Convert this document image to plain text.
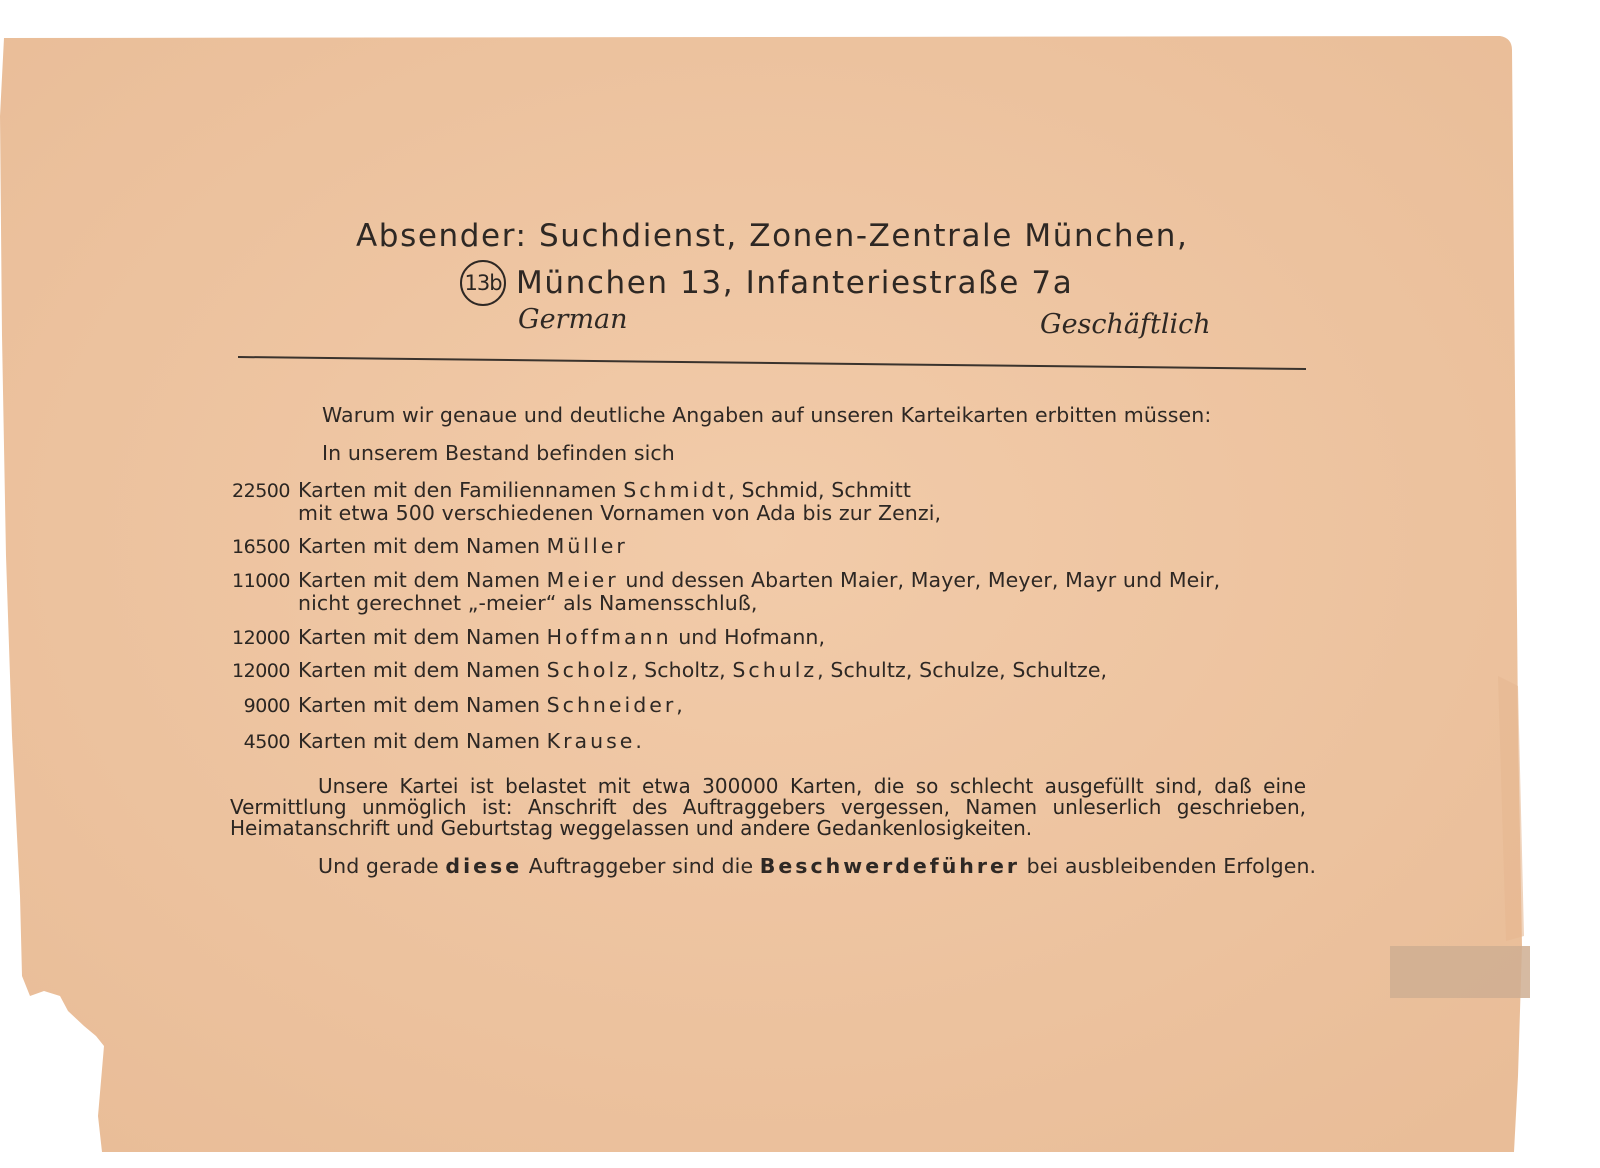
Absender: Suchdienst, Zonen-Zentrale München,
13b München 13, Infanteriestraße 7a
German	Geschäftlich
Warum wir genaue und deutliche Angaben auf unseren Karteikarten erbitten müssen:
In unserem Bestand befinden sich
22500 Karten mit den Familiennamen Schmidt, Schmid, Schmitt
mit etwa 500 verschiedenen Vornamen von Ada bis zur Zenzi,
16500 Karten mit dem Namen Müller
11000 Karten mit dem Namen Meier und dessen Abarten Maier, Mayer, Meyer, Mayr und Meir,
nicht gerechnet „-meier“ als Namensschluß,
12000 Karten mit dem Namen Hoffmann und Hofmann,
12000 Karten mit dem Namen Scholz, Scholtz, Schulz, Schultz, Schulze, Schultze,
9000 Karten mit dem Namen Schneider,
4500 Karten mit dem Namen Krause.
Unsere Kartei ist belastet mit etwa 300000 Karten, die so schlecht ausgefüllt sind, daß eine Vermittlung unmöglich ist: Anschrift des Auftraggebers vergessen, Namen unleserlich geschrieben, Heimatanschrift und Geburtstag weggelassen und andere Gedankenlosigkeiten.
Und gerade diese Auftraggeber sind die Beschwerdeführer bei ausbleibenden Erfolgen.
